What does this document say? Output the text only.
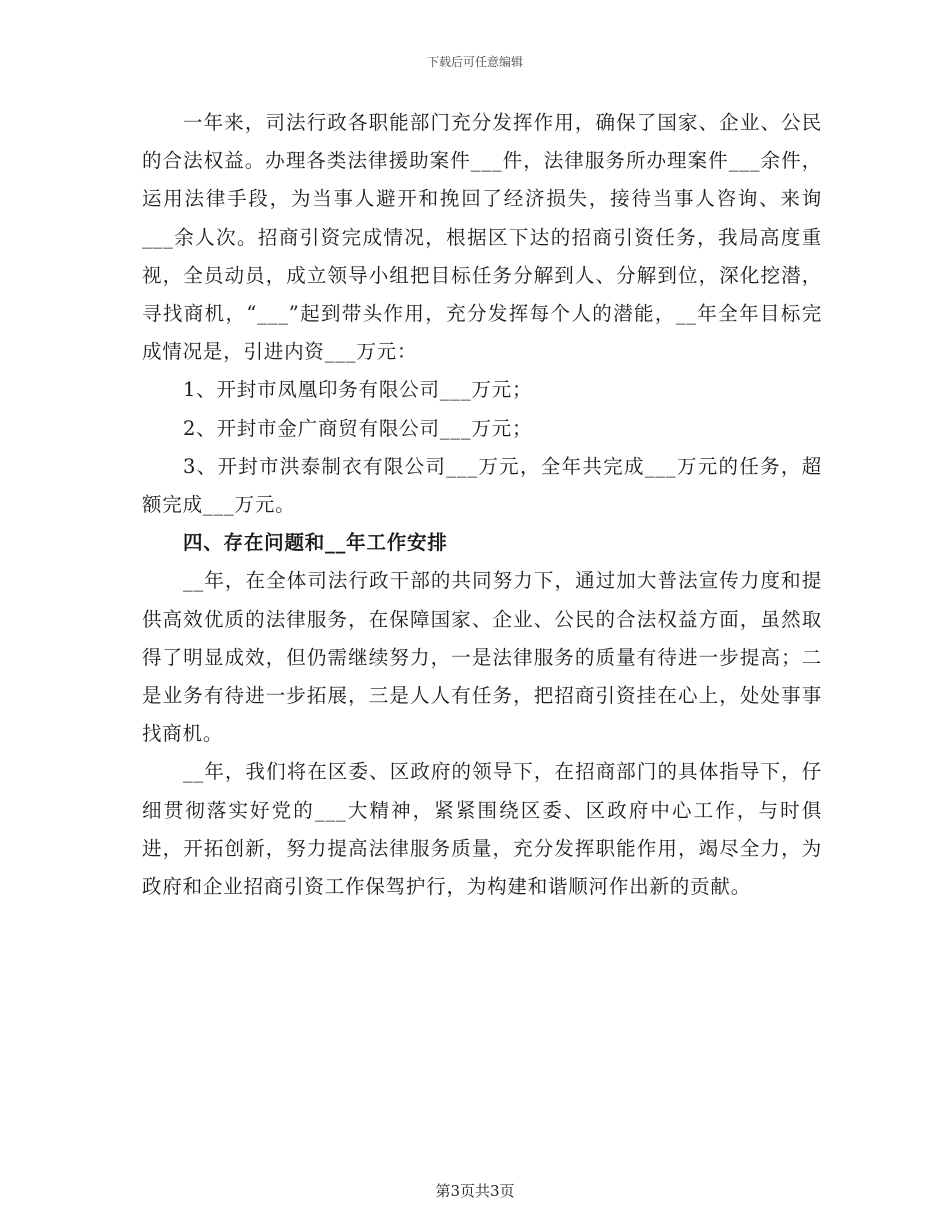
下载后可任意编辑

一年来，司法行政各职能部门充分发挥作用，确保了国家、企业、公民的合法权益。办理各类法律援助案件___件，法律服务所办理案件___余件，运用法律手段，为当事人避开和挽回了经济损失，接待当事人咨询、来询___余人次。招商引资完成情况，根据区下达的招商引资任务，我局高度重视，全员动员，成立领导小组把目标任务分解到人、分解到位，深化挖潜，寻找商机，“___”起到带头作用，充分发挥每个人的潜能，__年全年目标完成情况是，引进内资___万元：

1、开封市凤凰印务有限公司___万元；

2、开封市金广商贸有限公司___万元；

3、开封市洪泰制衣有限公司___万元，全年共完成___万元的任务，超额完成___万元。

四、存在问题和__年工作安排

__年，在全体司法行政干部的共同努力下，通过加大普法宣传力度和提供高效优质的法律服务，在保障国家、企业、公民的合法权益方面，虽然取得了明显成效，但仍需继续努力，一是法律服务的质量有待进一步提高；二是业务有待进一步拓展，三是人人有任务，把招商引资挂在心上，处处事事找商机。

__年，我们将在区委、区政府的领导下，在招商部门的具体指导下，仔细贯彻落实好党的___大精神，紧紧围绕区委、区政府中心工作，与时俱进，开拓创新，努力提高法律服务质量，充分发挥职能作用，竭尽全力，为政府和企业招商引资工作保驾护行，为构建和谐顺河作出新的贡献。

第3页共3页
